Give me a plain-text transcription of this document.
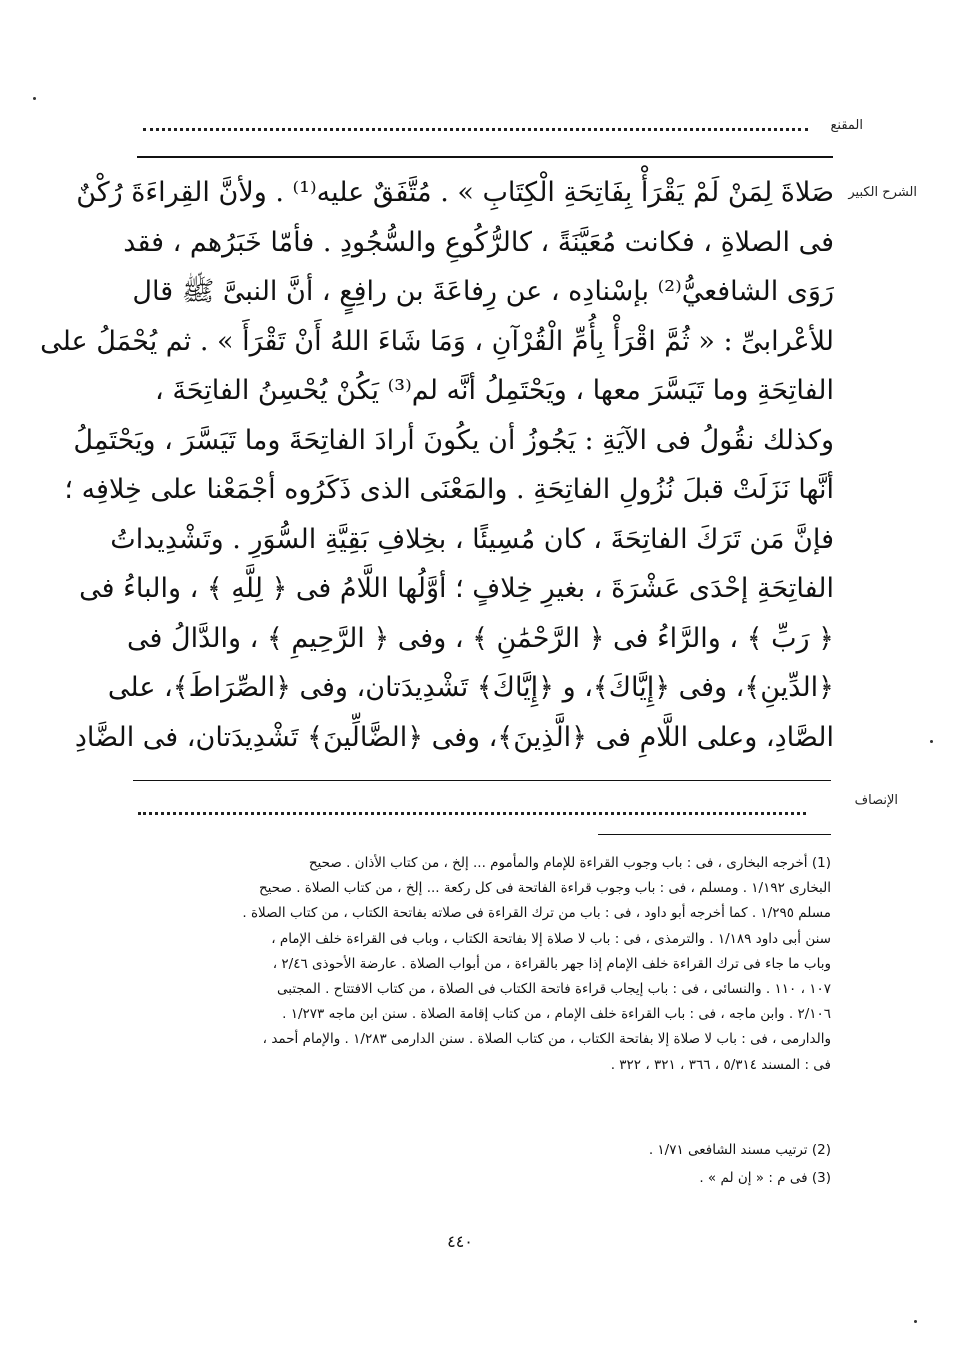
المقنع
الشرح الكبير
الإنصاف
صَلاةَ لِمَنْ لَمْ يَقْرَأْ بِفَاتِحَةِ الْكِتَابِ » . مُتَّفَقٌ عليه⁽¹⁾ . ولأنَّ القِراءَةَ رُكْنٌ
فى الصلاةِ ، فكانت مُعَيَّنَةً ، كالرُّكُوعِ والسُّجُودِ . فأمّا خَبَرُهم ، فقد
رَوَى الشافعيُّ⁽²⁾ بإسْنادِه ، عن رِفاعَةَ بن رافِعٍ ، أنَّ النبىَّ ﷺ قال
للأعْرابىِّ : « ثُمَّ اقْرَأْ بِأُمِّ الْقُرْآنِ ، وَمَا شَاءَ اللهُ أَنْ تَقْرَأَ » . ثم يُحْمَلُ على
الفاتِحَةِ وما تَيَسَّرَ معها ، ويَحْتَمِلُ أنَّه لم⁽³⁾ يَكُنْ يُحْسِنُ الفاتِحَةَ ،
وكذلك نقُولُ فى الآيَةِ : يَجُوزُ أن يكُونَ أرادَ الفاتِحَةَ وما تَيَسَّرَ ، ويَحْتَمِلُ
أنَّها نَزَلَتْ قبلَ نُزُولِ الفاتِحَةِ . والمَعْنَى الذى ذَكَرُوه أجْمَعْنا على خِلافِه ؛
فإنَّ مَن تَرَكَ الفاتِحَةَ ، كان مُسِيئًا ، بخِلافِ بَقِيَّةِ السُّوَرِ . وتَشْدِيداتُ
الفاتِحَةِ إحْدَى عَشْرَةَ ، بغيرِ خِلافٍ ؛ أوَّلُها اللَّامُ فى ﴿ لِلَّهِ ﴾ ، والباءُ فى
﴿ رَبِّ ﴾ ، والرَّاءُ فى ﴿ الرَّحْمَٰنِ ﴾ ، وفى ﴿ الرَّحِيمِ ﴾ ، والدَّالُ فى
﴿الدِّينِ﴾، وفى ﴿إِيَّاكَ﴾، و ﴿إِيَّاكَ﴾ تَشْدِيدَتان، وفى ﴿الصِّرَاطَ﴾، على
الصَّادِ، وعلى اللَّامِ فى ﴿الَّذِينَ﴾، وفى ﴿الضَّالِّينَ﴾ تَشْدِيدَتان، فى الضَّادِ
(1) أخرجه البخارى ، فى : باب وجوب القراءة للإمام والمأموم ... إلخ ، من كتاب الأذان . صحيح
البخارى ١/١٩٢ . ومسلم ، فى : باب وجوب قراءة الفاتحة فى كل ركعة ... إلخ ، من كتاب الصلاة . صحيح
مسلم ١/٢٩٥ . كما أخرجه أبو داود ، فى : باب من ترك القراءة فى صلاته بفاتحة الكتاب ، من كتاب الصلاة .
سنن أبى داود ١/١٨٩ . والترمذى ، فى : باب لا صلاة إلا بفاتحة الكتاب ، وباب فى القراءة خلف الإمام ،
وباب ما جاء فى ترك القراءة خلف الإمام إذا جهر بالقراءة ، من أبواب الصلاة . عارضة الأحوذى ٢/٤٦ ،
١٠٧ ، ١١٠ . والنسائى ، فى : باب إيجاب قراءة فاتحة الكتاب فى الصلاة ، من كتاب الافتتاح . المجتبى
٢/١٠٦ . وابن ماجه ، فى : باب القراءة خلف الإمام ، من كتاب إقامة الصلاة . سنن ابن ماجه ١/٢٧٣ .
والدارمى ، فى : باب لا صلاة إلا بفاتحة الكتاب ، من كتاب الصلاة . سنن الدارمى ١/٢٨٣ . والإمام أحمد ،
فى : المسند ٥/٣١٤ ، ٣٦٦ ، ٣٢١ ، ٣٢٢ .
(2) ترتيب مسند الشافعى ١/٧١ .
(3) فى م : « إن لم » .
٤٤٠
